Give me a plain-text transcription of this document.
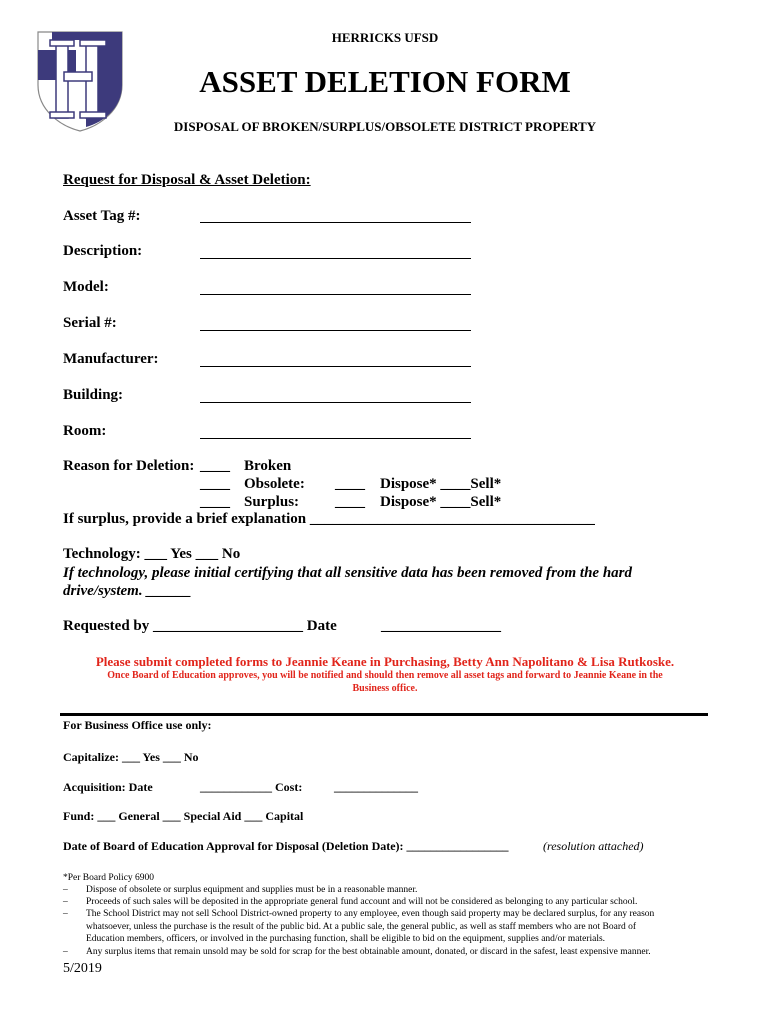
HERRICKS UFSD
ASSET DELETION FORM
DISPOSAL OF BROKEN/SURPLUS/OBSOLETE DISTRICT PROPERTY
Request for Disposal & Asset Deletion:
Asset Tag #:
Description:
Model:
Serial #:
Manufacturer:
Building:
Room:
Reason for Deletion: ____ Broken
____ Obsolete: ____ Dispose* ____Sell*
____ Surplus: ____ Dispose* ____Sell*
If surplus, provide a brief explanation ______________________________________
Technology: ___ Yes ___ No
If technology, please initial certifying that all sensitive data has been removed from the hard
drive/system. ______
Requested by ____________________ Date	________________
Please submit completed forms to Jeannie Keane in Purchasing, Betty Ann Napolitano & Lisa Rutkoske.
Once Board of Education approves, you will be notified and should then remove all asset tags and forward to Jeannie Keane in the
Business office.
For Business Office use only:
Capitalize: ___ Yes ___ No
Acquisition: Date	____________ Cost:	______________
Fund: ___ General ___ Special Aid ___ Capital
Date of Board of Education Approval for Disposal (Deletion Date): _________________	(resolution attached)
*Per Board Policy 6900
– Dispose of obsolete or surplus equipment and supplies must be in a reasonable manner.
– Proceeds of such sales will be deposited in the appropriate general fund account and will not be considered as belonging to any particular school.
– The School District may not sell School District-owned property to any employee, even though said property may be declared surplus, for any reason
whatsoever, unless the purchase is the result of the public bid. At a public sale, the general public, as well as staff members who are not Board of
Education members, officers, or involved in the purchasing function, shall be eligible to bid on the equipment, supplies and/or materials.
– Any surplus items that remain unsold may be sold for scrap for the best obtainable amount, donated, or discard in the safest, least expensive manner.
5/2019
